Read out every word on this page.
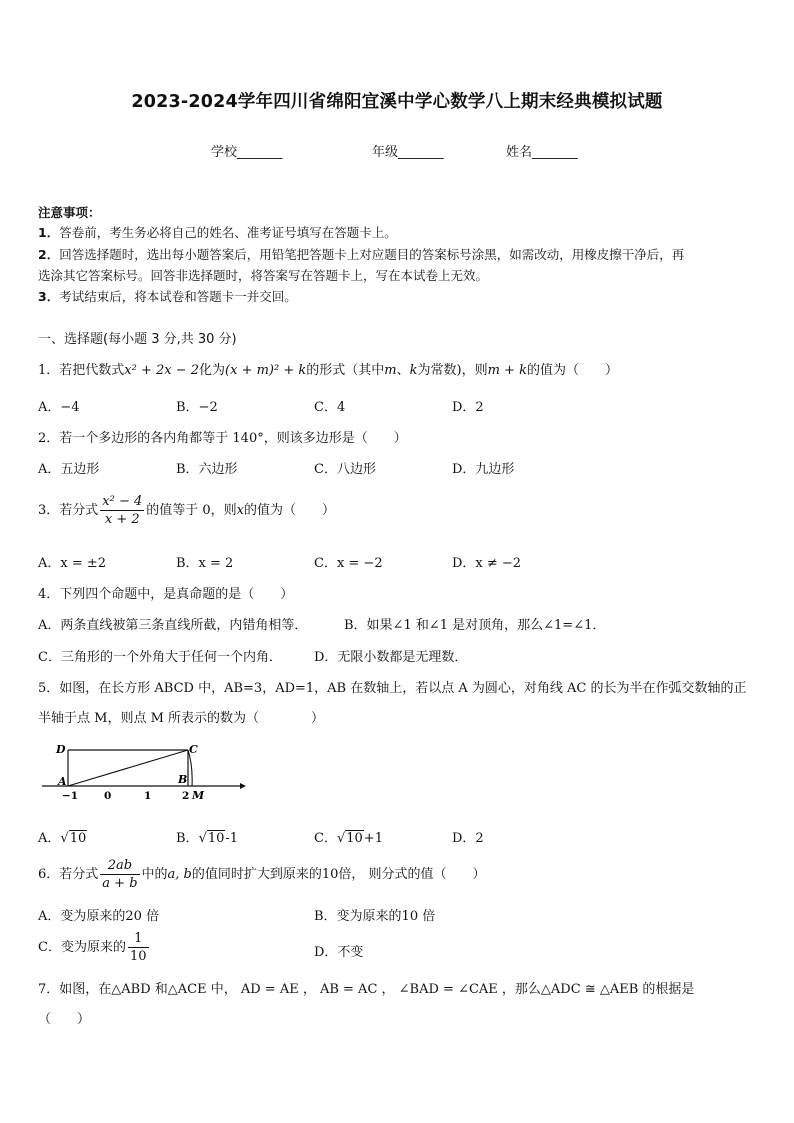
2023-2024学年四川省绵阳宜溪中学心数学八上期末经典模拟试题
学校_______	年级_______	姓名_______
注意事项：
1．答卷前，考生务必将自己的姓名、准考证号填写在答题卡上。
2．回答选择题时，选出每小题答案后，用铅笔把答题卡上对应题目的答案标号涂黑，如需改动，用橡皮擦干净后，再
选涂其它答案标号。回答非选择题时，将答案写在答题卡上，写在本试卷上无效。
3．考试结束后，将本试卷和答题卡一并交回。
一、选择题(每小题 3 分,共 30 分)
1．若把代数式x² + 2x − 2化为(x + m)² + k的形式（其中m、k为常数)，则m + k的值为（　　）
A．−4	B．−2	C．4	D．2
2．若一个多边形的各内角都等于 140°，则该多边形是（　　）
A．五边形	B．六边形	C．八边形	D．九边形
3．若分式 $\frac{\text{x² − 4}}{x + 2}$ 的值等于 0，则x的值为（　　）
A．x = ±2	B．x = 2	C．x = −2	D．x ≠ −2
4．下列四个命题中，是真命题的是（　　）
A．两条直线被第三条直线所截，内错角相等．	B．如果∠1 和∠1 是对顶角，那么∠1=∠1．
C．三角形的一个外角大于任何一个内角． D．无限小数都是无理数．
5．如图，在长方形 ABCD 中，AB=3，AD=1，AB 在数轴上，若以点 A 为圆心，对角线 AC 的长为半在作弧交数轴的正
半轴于点 M，则点 M 所表示的数为（　　　　）
D	C
A	B
M
−1 0	1	2
A．√10	B．√10-1	C．√10+1	D．2
6．若分式 $\frac{2ab}{a + b}$ 中的a, b的值同时扩大到原来的10倍， 则分式的值（　　）
A．变为原来的20 倍	B．变为原来的10 倍
C．变为原来的 $\frac{1}{10}$	D．不变
7．如图，在△ABD 和△ACE 中， AD = AE ， AB = AC ， ∠BAD = ∠CAE ，那么△ADC ≅ △AEB 的根据是
（　　）
